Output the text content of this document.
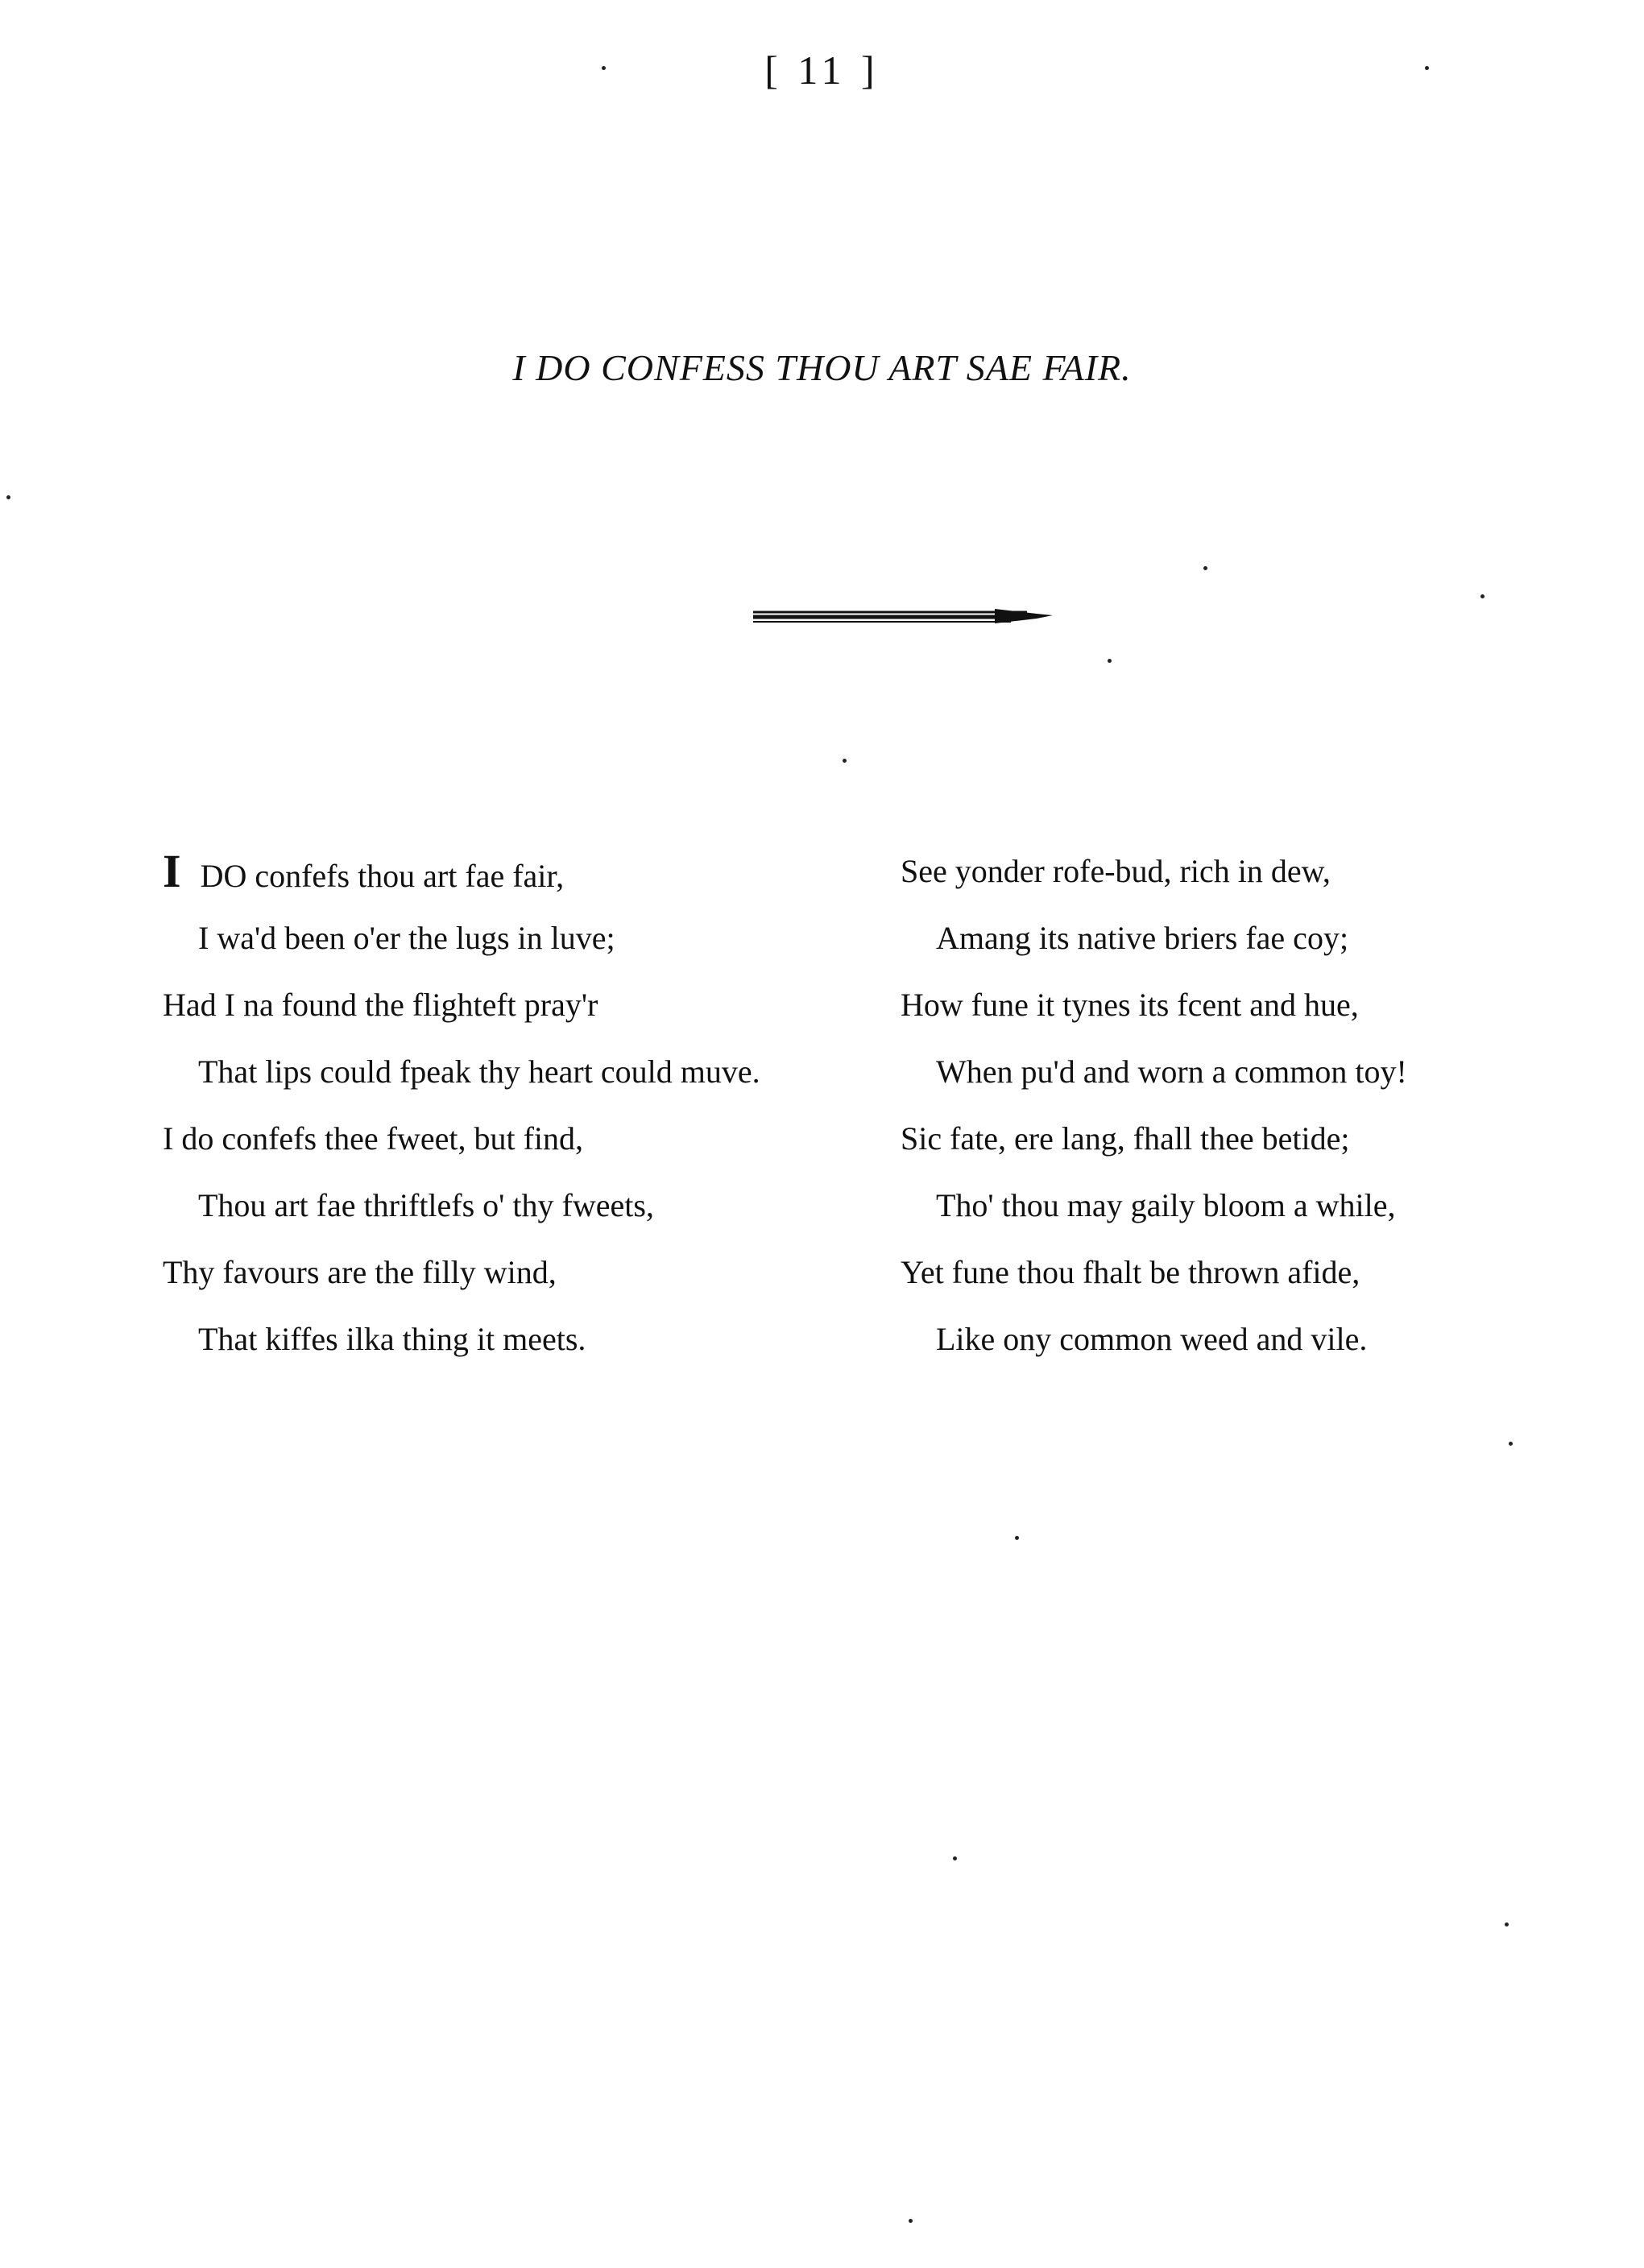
[ 11 ]
I DO CONFESS THOU ART SAE FAIR.
I DO confefs thou art fae fair,
I wa'd been o'er the lugs in luve;
Had I na found the flighteft pray'r
That lips could fpeak thy heart could muve.
I do confefs thee fweet, but find,
Thou art fae thriftlefs o' thy fweets,
Thy favours are the filly wind,
That kiffes ilka thing it meets.
See yonder rofe-bud, rich in dew,
Amang its native briers fae coy;
How fune it tynes its fcent and hue,
When pu'd and worn a common toy!
Sic fate, ere lang, fhall thee betide;
Tho' thou may gaily bloom a while,
Yet fune thou fhalt be thrown afide,
Like ony common weed and vile.
